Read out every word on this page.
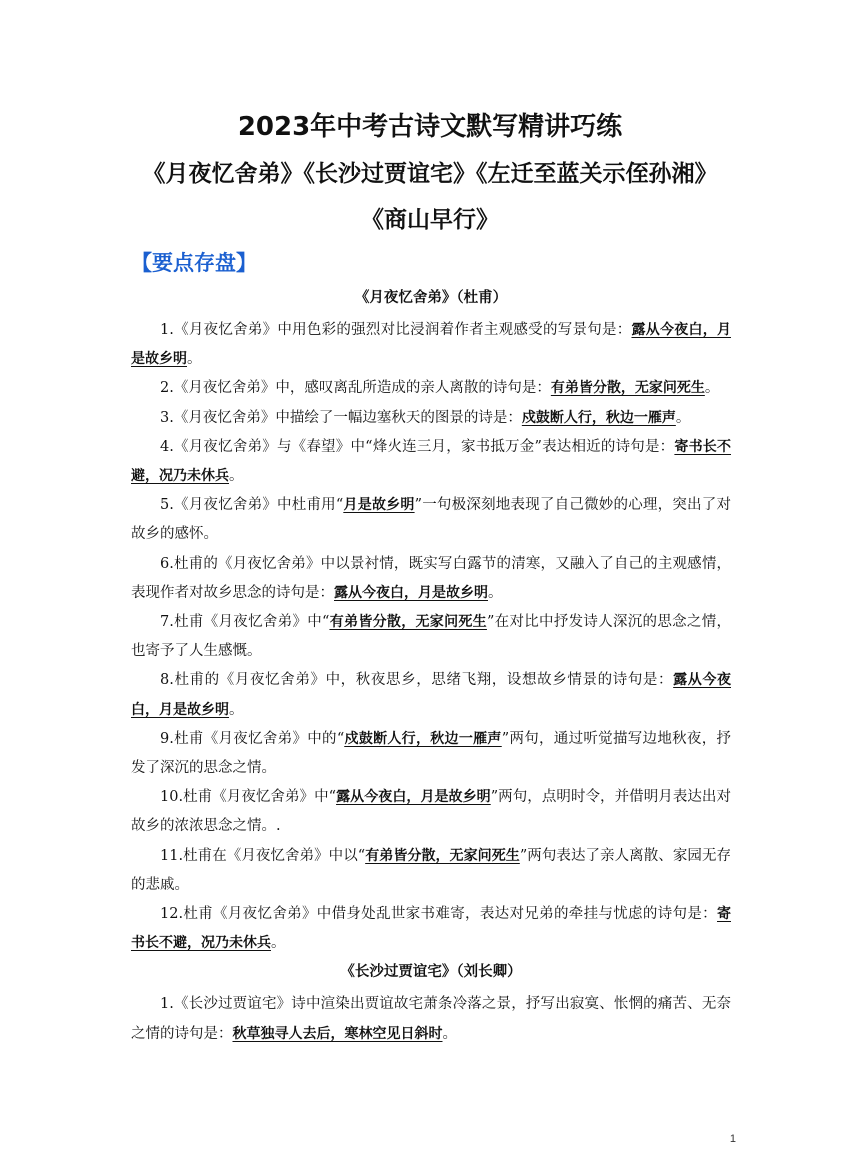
2023年中考古诗文默写精讲巧练
《月夜忆舍弟》《长沙过贾谊宅》《左迁至蓝关示侄孙湘》
《商山早行》
【要点存盘】
《月夜忆舍弟》（杜甫）

1.《月夜忆舍弟》中用色彩的强烈对比浸润着作者主观感受的写景句是：露从今夜白，月是故乡明。

2.《月夜忆舍弟》中，感叹离乱所造成的亲人离散的诗句是：有弟皆分散，无家问死生。

3.《月夜忆舍弟》中描绘了一幅边塞秋天的图景的诗是：戍鼓断人行，秋边一雁声。

4.《月夜忆舍弟》与《春望》中“烽火连三月，家书抵万金”表达相近的诗句是：寄书长不避，况乃未休兵。

5.《月夜忆舍弟》中杜甫用“月是故乡明”一句极深刻地表现了自己微妙的心理，突出了对故乡的感怀。

6.杜甫的《月夜忆舍弟》中以景衬情，既实写白露节的清寒，又融入了自己的主观感情，表现作者对故乡思念的诗句是：露从今夜白，月是故乡明。

7.杜甫《月夜忆舍弟》中“有弟皆分散，无家问死生”在对比中抒发诗人深沉的思念之情，也寄予了人生感慨。

8.杜甫的《月夜忆舍弟》中，秋夜思乡，思绪飞翔，设想故乡情景的诗句是：露从今夜白，月是故乡明。

9.杜甫《月夜忆舍弟》中的“戍鼓断人行，秋边一雁声”两句，通过听觉描写边地秋夜，抒发了深沉的思念之情。

10.杜甫《月夜忆舍弟》中“露从今夜白，月是故乡明”两句，点明时令，并借明月表达出对故乡的浓浓思念之情。.

11.杜甫在《月夜忆舍弟》中以“有弟皆分散，无家问死生”两句表达了亲人离散、家园无存的悲戚。

12.杜甫《月夜忆舍弟》中借身处乱世家书难寄，表达对兄弟的牵挂与忧虑的诗句是：寄书长不避，况乃未休兵。

《长沙过贾谊宅》（刘长卿）

1.《长沙过贾谊宅》诗中渲染出贾谊故宅萧条冷落之景，抒写出寂寞、怅惘的痛苦、无奈之情的诗句是：秋草独寻人去后，寒林空见日斜时。

1
